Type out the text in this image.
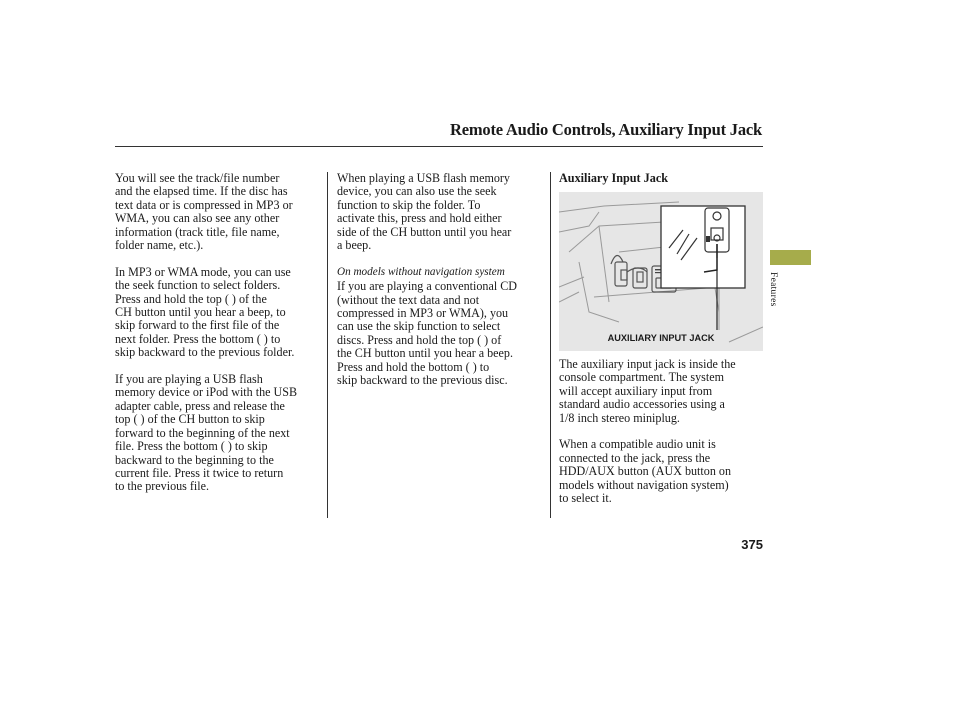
Remote Audio Controls, Auxiliary Input Jack

You will see the track/file number
and the elapsed time. If the disc has
text data or is compressed in MP3 or
WMA, you can also see any other
information (track title, file name,
folder name, etc.).

In MP3 or WMA mode, you can use
the seek function to select folders.
Press and hold the top ( ) of the
CH button until you hear a beep, to
skip forward to the first file of the
next folder. Press the bottom ( ) to
skip backward to the previous folder.

If you are playing a USB flash
memory device or iPod with the USB
adapter cable, press and release the
top ( ) of the CH button to skip
forward to the beginning of the next
file. Press the bottom ( ) to skip
backward to the beginning to the
current file. Press it twice to return
to the previous file.

When playing a USB flash memory
device, you can also use the seek
function to skip the folder. To
activate this, press and hold either
side of the CH button until you hear
a beep.

On models without navigation system

If you are playing a conventional CD
(without the text data and not
compressed in MP3 or WMA), you
can use the skip function to select
discs. Press and hold the top ( ) of
the CH button until you hear a beep.
Press and hold the bottom ( ) to
skip backward to the previous disc.

Auxiliary Input Jack

AUXILIARY INPUT JACK

The auxiliary input jack is inside the
console compartment. The system
will accept auxiliary input from
standard audio accessories using a
1/8 inch stereo miniplug.

When a compatible audio unit is
connected to the jack, press the
HDD/AUX button (AUX button on
models without navigation system)
to select it.

Features
375
